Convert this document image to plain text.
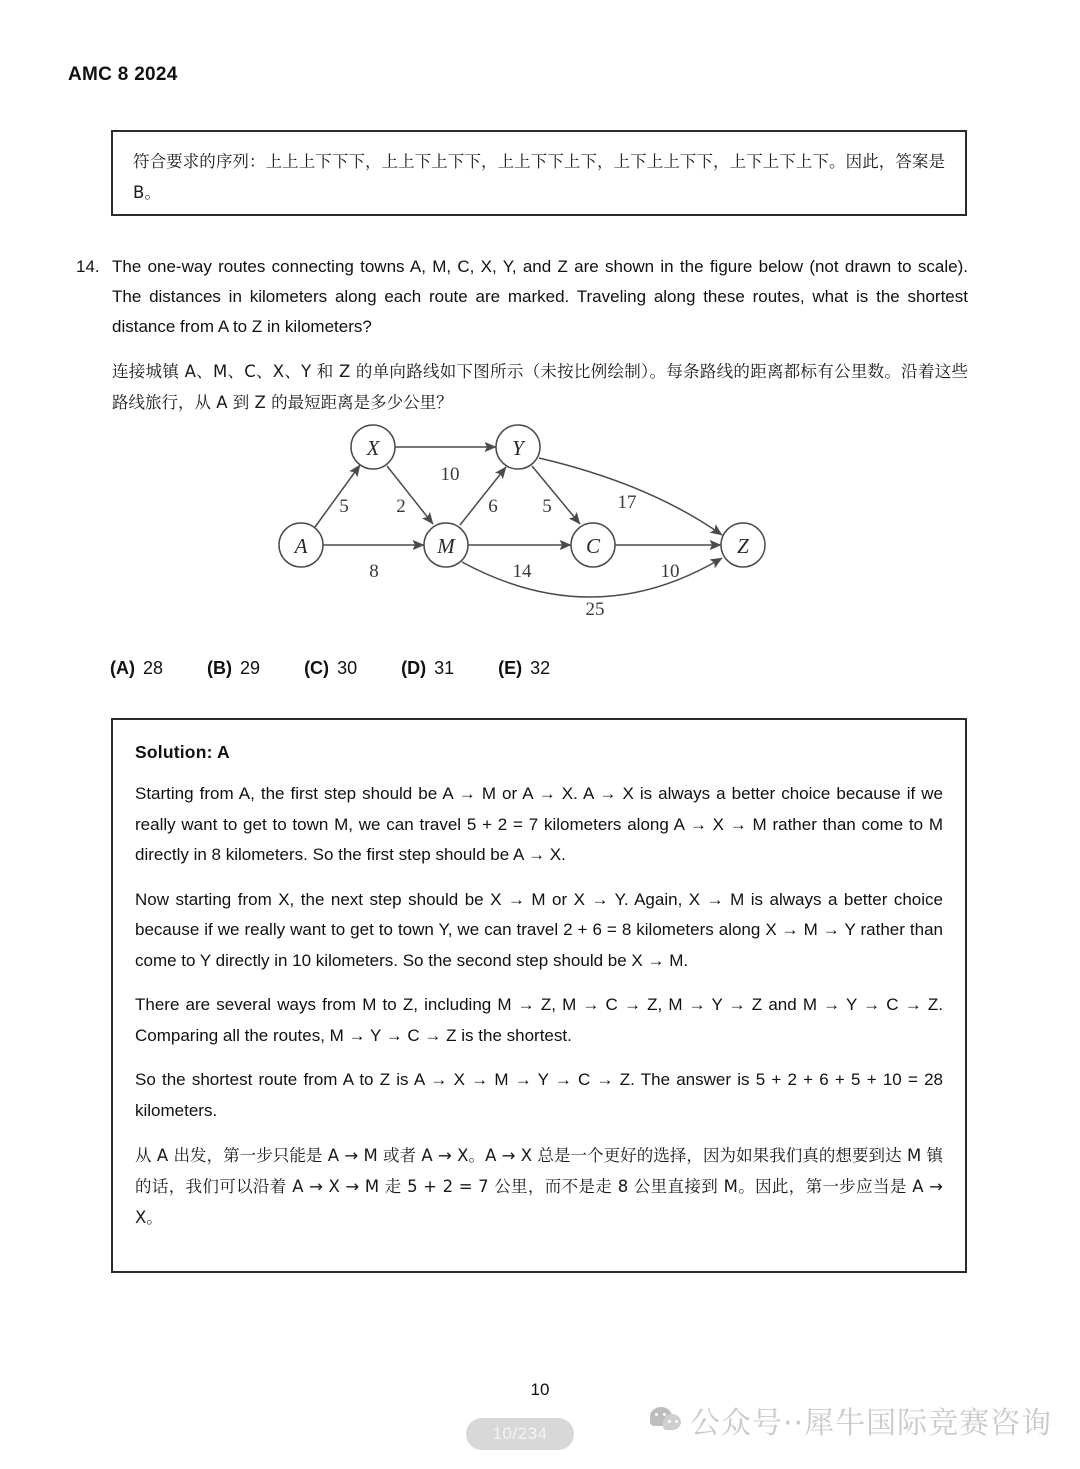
AMC 8 2024
符合要求的序列：上上上下下下，上上下上下下，上上下下上下，上下上上下下，上下上下上下。因此，答案是 B。
14. The one-way routes connecting towns A, M, C, X, Y, and Z are shown in the figure below (not drawn to scale). The distances in kilometers along each route are marked. Traveling along these routes, what is the shortest distance from A to Z in kilometers?

连接城镇 A、M、C、X、Y 和 Z 的单向路线如下图所示（未按比例绘制）。每条路线的距离都标有公里数。沿着这些路线旅行，从 A 到 Z 的最短距离是多少公里？

A
X
M
Y
C	Z
5
8
2
10
6
14
25
5	17
10
(A) 28 (B) 29 (C) 30 (D) 31 (E) 32
Solution: A

Starting from A, the first step should be A → M or A → X. A → X is always a better choice because if we really want to get to town M, we can travel 5 + 2 = 7 kilometers along A → X → M rather than come to M directly in 8 kilometers. So the first step should be A → X.

Now starting from X, the next step should be X → M or X → Y. Again, X → M is always a better choice because if we really want to get to town Y, we can travel 2 + 6 = 8 kilometers along X → M → Y rather than come to Y directly in 10 kilometers. So the second step should be X → M.

There are several ways from M to Z, including M → Z, M → C → Z, M → Y → Z and M → Y → C → Z. Comparing all the routes, M → Y → C → Z is the shortest.

So the shortest route from A to Z is A → X → M → Y → C → Z. The answer is 5 + 2 + 6 + 5 + 10 = 28 kilometers.

从 A 出发，第一步只能是 A → M 或者 A → X。A → X 总是一个更好的选择，因为如果我们真的想要到达 M 镇的话，我们可以沿着 A → X → M 走 5 + 2 = 7 公里，而不是走 8 公里直接到 M。因此，第一步应当是 A → X。

10
10/234	公众号··犀牛国际竞赛咨询
